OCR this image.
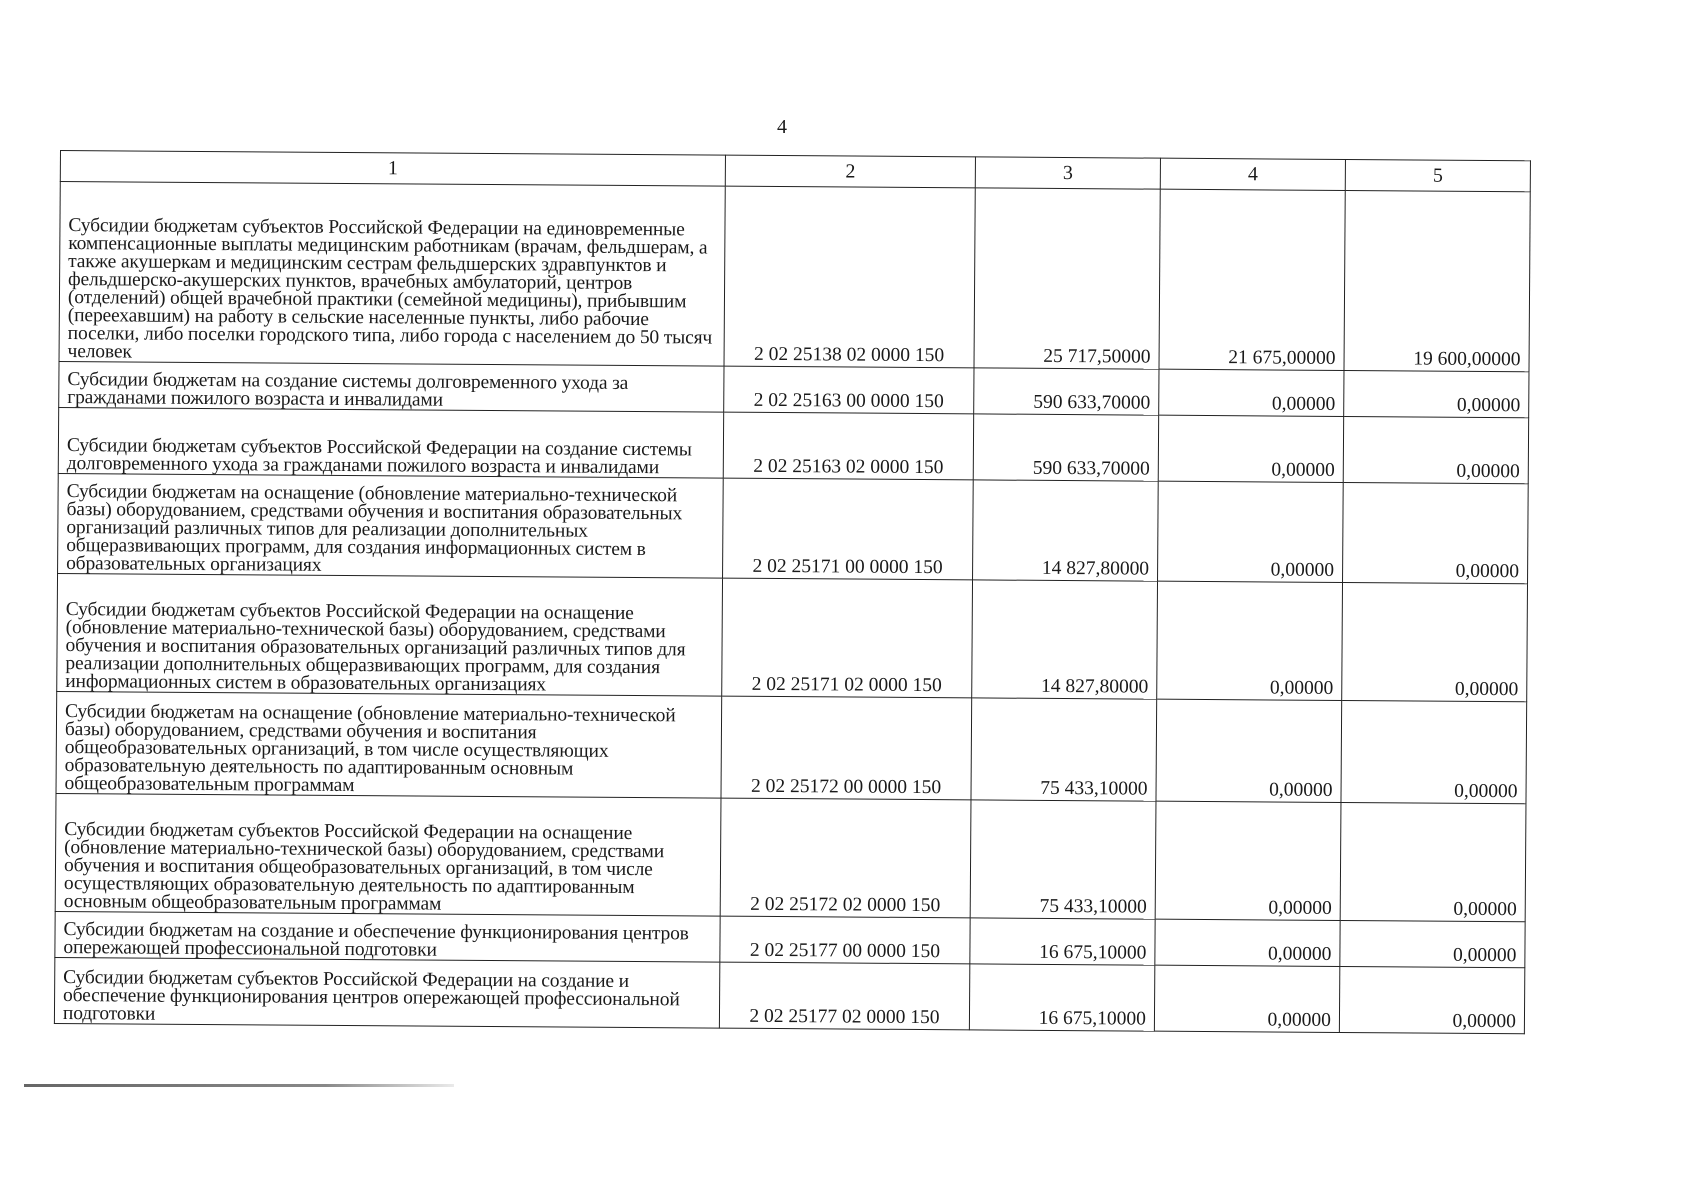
4
1	2	3	4	5
Субсидии бюджетам субъектов Российской Федерации на единовременные компенсационные выплаты медицинским работникам (врачам, фельдшерам, а также акушеркам и медицинским сестрам фельдшерских здравпунктов и фельдшерско-акушерских пунктов, врачебных амбулаторий, центров (отделений) общей врачебной практики (семейной медицины), прибывшим (переехавшим) на работу в сельские населенные пункты, либо рабочие поселки, либо поселки городского типа, либо города с населением до 50 тысяч человек	2 02 25138 02 0000 150	25 717,50000	21 675,00000	19 600,00000
Субсидии бюджетам на создание системы долговременного ухода за гражданами пожилого возраста и инвалидами	2 02 25163 00 0000 150	590 633,70000	0,00000	0,00000
Субсидии бюджетам субъектов Российской Федерации на создание системы долговременного ухода за гражданами пожилого возраста и инвалидами	2 02 25163 02 0000 150	590 633,70000	0,00000	0,00000
Субсидии бюджетам на оснащение (обновление материально-технической базы) оборудованием, средствами обучения и воспитания образовательных организаций различных типов для реализации дополнительных общеразвивающих программ, для создания информационных систем в образовательных организациях	2 02 25171 00 0000 150	14 827,80000	0,00000	0,00000
Субсидии бюджетам субъектов Российской Федерации на оснащение (обновление материально-технической базы) оборудованием, средствами обучения и воспитания образовательных организаций различных типов для реализации дополнительных общеразвивающих программ, для создания информационных систем в образовательных организациях	2 02 25171 02 0000 150	14 827,80000	0,00000	0,00000
Субсидии бюджетам на оснащение (обновление материально-технической базы) оборудованием, средствами обучения и воспитания общеобразовательных организаций, в том числе осуществляющих образовательную деятельность по адаптированным основным общеобразовательным программам	2 02 25172 00 0000 150	75 433,10000	0,00000	0,00000
Субсидии бюджетам субъектов Российской Федерации на оснащение (обновление материально-технической базы) оборудованием, средствами обучения и воспитания общеобразовательных организаций, в том числе осуществляющих образовательную деятельность по адаптированным основным общеобразовательным программам	2 02 25172 02 0000 150	75 433,10000	0,00000	0,00000
Субсидии бюджетам на создание и обеспечение функционирования центров опережающей профессиональной подготовки	2 02 25177 00 0000 150	16 675,10000	0,00000	0,00000
Субсидии бюджетам субъектов Российской Федерации на создание и обеспечение функционирования центров опережающей профессиональной подготовки	2 02 25177 02 0000 150	16 675,10000	0,00000	0,00000
